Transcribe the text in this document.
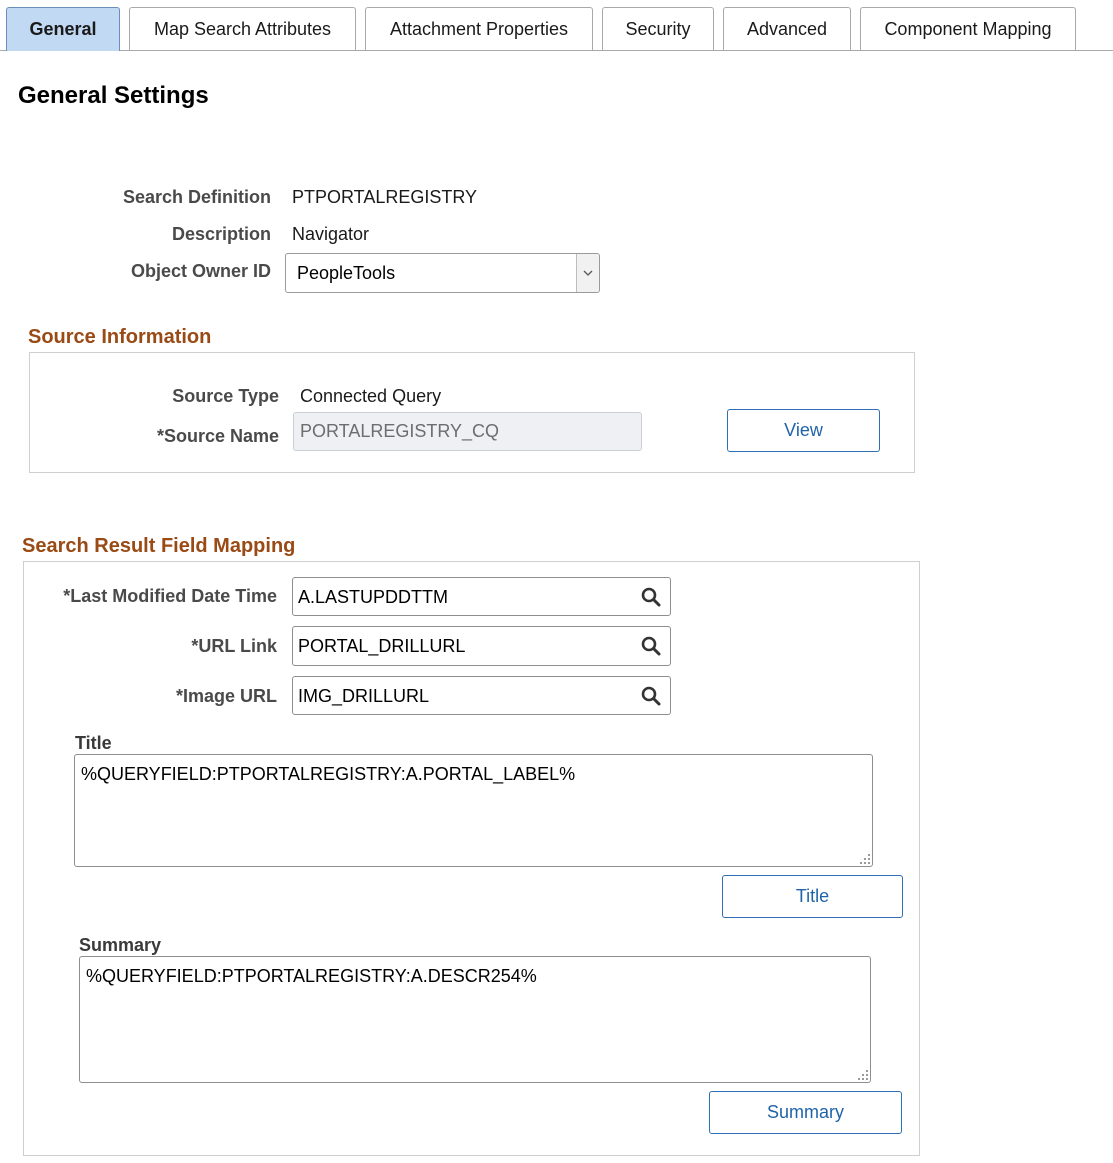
General	Map Search Attributes	Attachment Properties	Security	Advanced	Component Mapping
General Settings
Search Definition PTPORTALREGISTRY
Description Navigator
Object Owner ID PeopleTools
Source Information
Source Type Connected Query
*Source Name PORTALREGISTRY_CQ	View
Search Result Field Mapping
*Last Modified Date Time A.LASTUPDDTTM
*URL Link PORTAL_DRILLURL
*Image URL IMG_DRILLURL
Title
%QUERYFIELD:PTPORTALREGISTRY:A.PORTAL_LABEL%
Title
Summary
%QUERYFIELD:PTPORTALREGISTRY:A.DESCR254%
Summary
